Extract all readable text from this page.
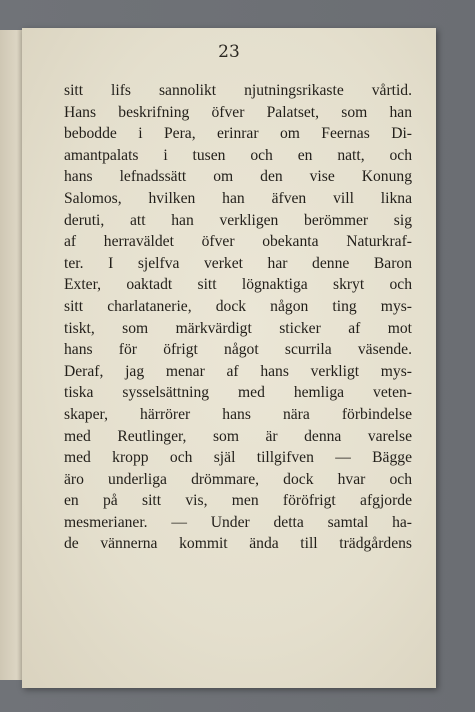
23
sitt lifs sannolikt njutningsrikaste vårtid.
Hans beskrifning öfver Palatset, som han
bebodde i Pera, erinrar om Feernas Di-
amantpalats i tusen och en natt, och
hans lefnadssätt om den vise Konung
Salomos, hvilken han äfven vill likna
deruti, att han verkligen berömmer sig
af herraväldet öfver obekanta Naturkraf-
ter. I sjelfva verket har denne Baron
Exter, oaktadt sitt lögnaktiga skryt och
sitt charlatanerie, dock någon ting mys-
tiskt, som märkvärdigt sticker af mot
hans för öfrigt något scurrila väsende.
Deraf, jag menar af hans verkligt mys-
tiska sysselsättning med hemliga veten-
skaper, härrörer hans nära förbindelse
med Reutlinger, som är denna varelse
med kropp och själ tillgifven — Bägge
äro underliga drömmare, dock hvar och
en på sitt vis, men föröfrigt afgjorde
mesmerianer. — Under detta samtal ha-
de vännerna kommit ända till trädgårdens
